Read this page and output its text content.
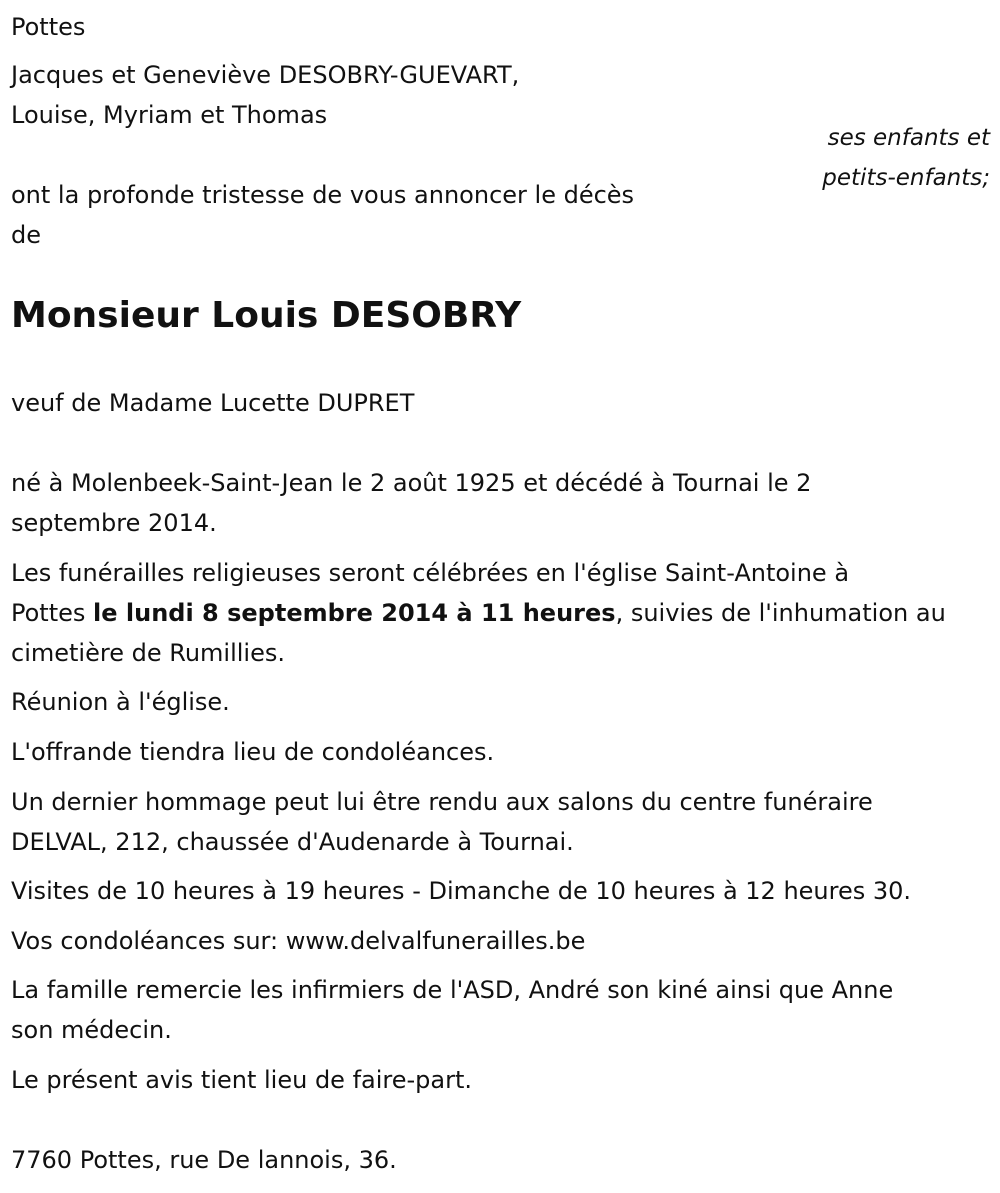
Pottes

Jacques et Geneviève DESOBRY-GUEVART,

Louise, Myriam et Thomas

ses enfants et
petits-enfants;

ont la profonde tristesse de vous annoncer le décès

de

Monsieur Louis DESOBRY

veuf de Madame Lucette DUPRET

né à Molenbeek-Saint-Jean le 2 août 1925 et décédé à Tournai le 2

septembre 2014.

Les funérailles religieuses seront célébrées en l'église Saint-Antoine à

Pottes le lundi 8 septembre 2014 à 11 heures, suivies de l'inhumation au

cimetière de Rumillies.

Réunion à l'église.

L'offrande tiendra lieu de condoléances.

Un dernier hommage peut lui être rendu aux salons du centre funéraire

DELVAL, 212, chaussée d'Audenarde à Tournai.

Visites de 10 heures à 19 heures - Dimanche de 10 heures à 12 heures 30.

Vos condoléances sur: www.delvalfunerailles.be

La famille remercie les infirmiers de l'ASD, André son kiné ainsi que Anne

son médecin.

Le présent avis tient lieu de faire-part.

7760 Pottes, rue De lannois, 36.
